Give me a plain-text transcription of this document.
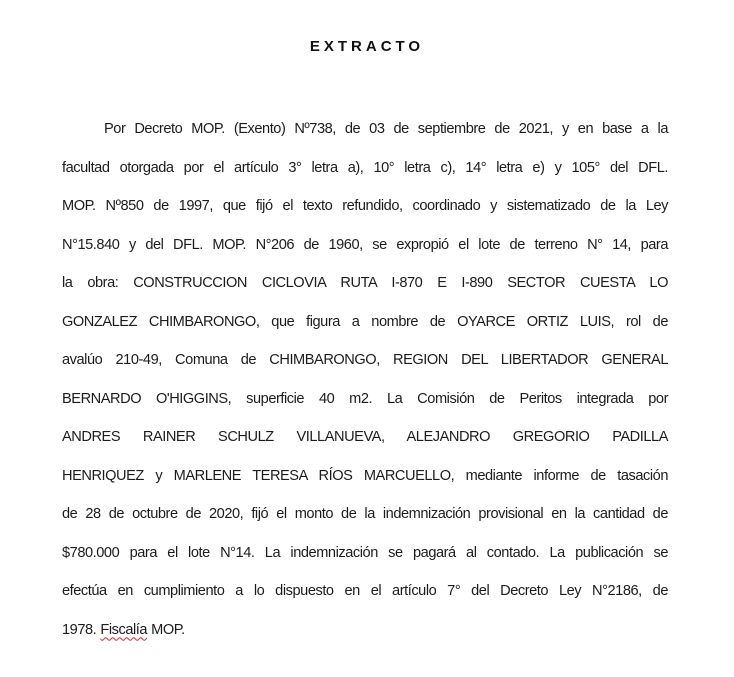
EXTRACTO
Por Decreto MOP. (Exento) Nº738, de 03 de septiembre de 2021, y en base a la
facultad otorgada por el artículo 3° letra a), 10° letra c), 14° letra e) y 105° del DFL.
MOP. Nº850 de 1997, que fijó el texto refundido, coordinado y sistematizado de la Ley
N°15.840 y del DFL. MOP. N°206 de 1960, se expropió el lote de terreno N° 14, para
la obra: CONSTRUCCION CICLOVIA RUTA I-870 E I-890 SECTOR CUESTA LO
GONZALEZ CHIMBARONGO, que figura a nombre de OYARCE ORTIZ LUIS, rol de
avalúo 210-49, Comuna de CHIMBARONGO, REGION DEL LIBERTADOR GENERAL
BERNARDO O'HIGGINS, superficie 40 m2. La Comisión de Peritos integrada por
ANDRES RAINER SCHULZ VILLANUEVA, ALEJANDRO GREGORIO PADILLA
HENRIQUEZ y MARLENE TERESA RÍOS MARCUELLO, mediante informe de tasación
de 28 de octubre de 2020, fijó el monto de la indemnización provisional en la cantidad de
$780.000 para el lote N°14. La indemnización se pagará al contado. La publicación se
efectúa en cumplimiento a lo dispuesto en el artículo 7° del Decreto Ley N°2186, de
1978. Fiscalía MOP.
